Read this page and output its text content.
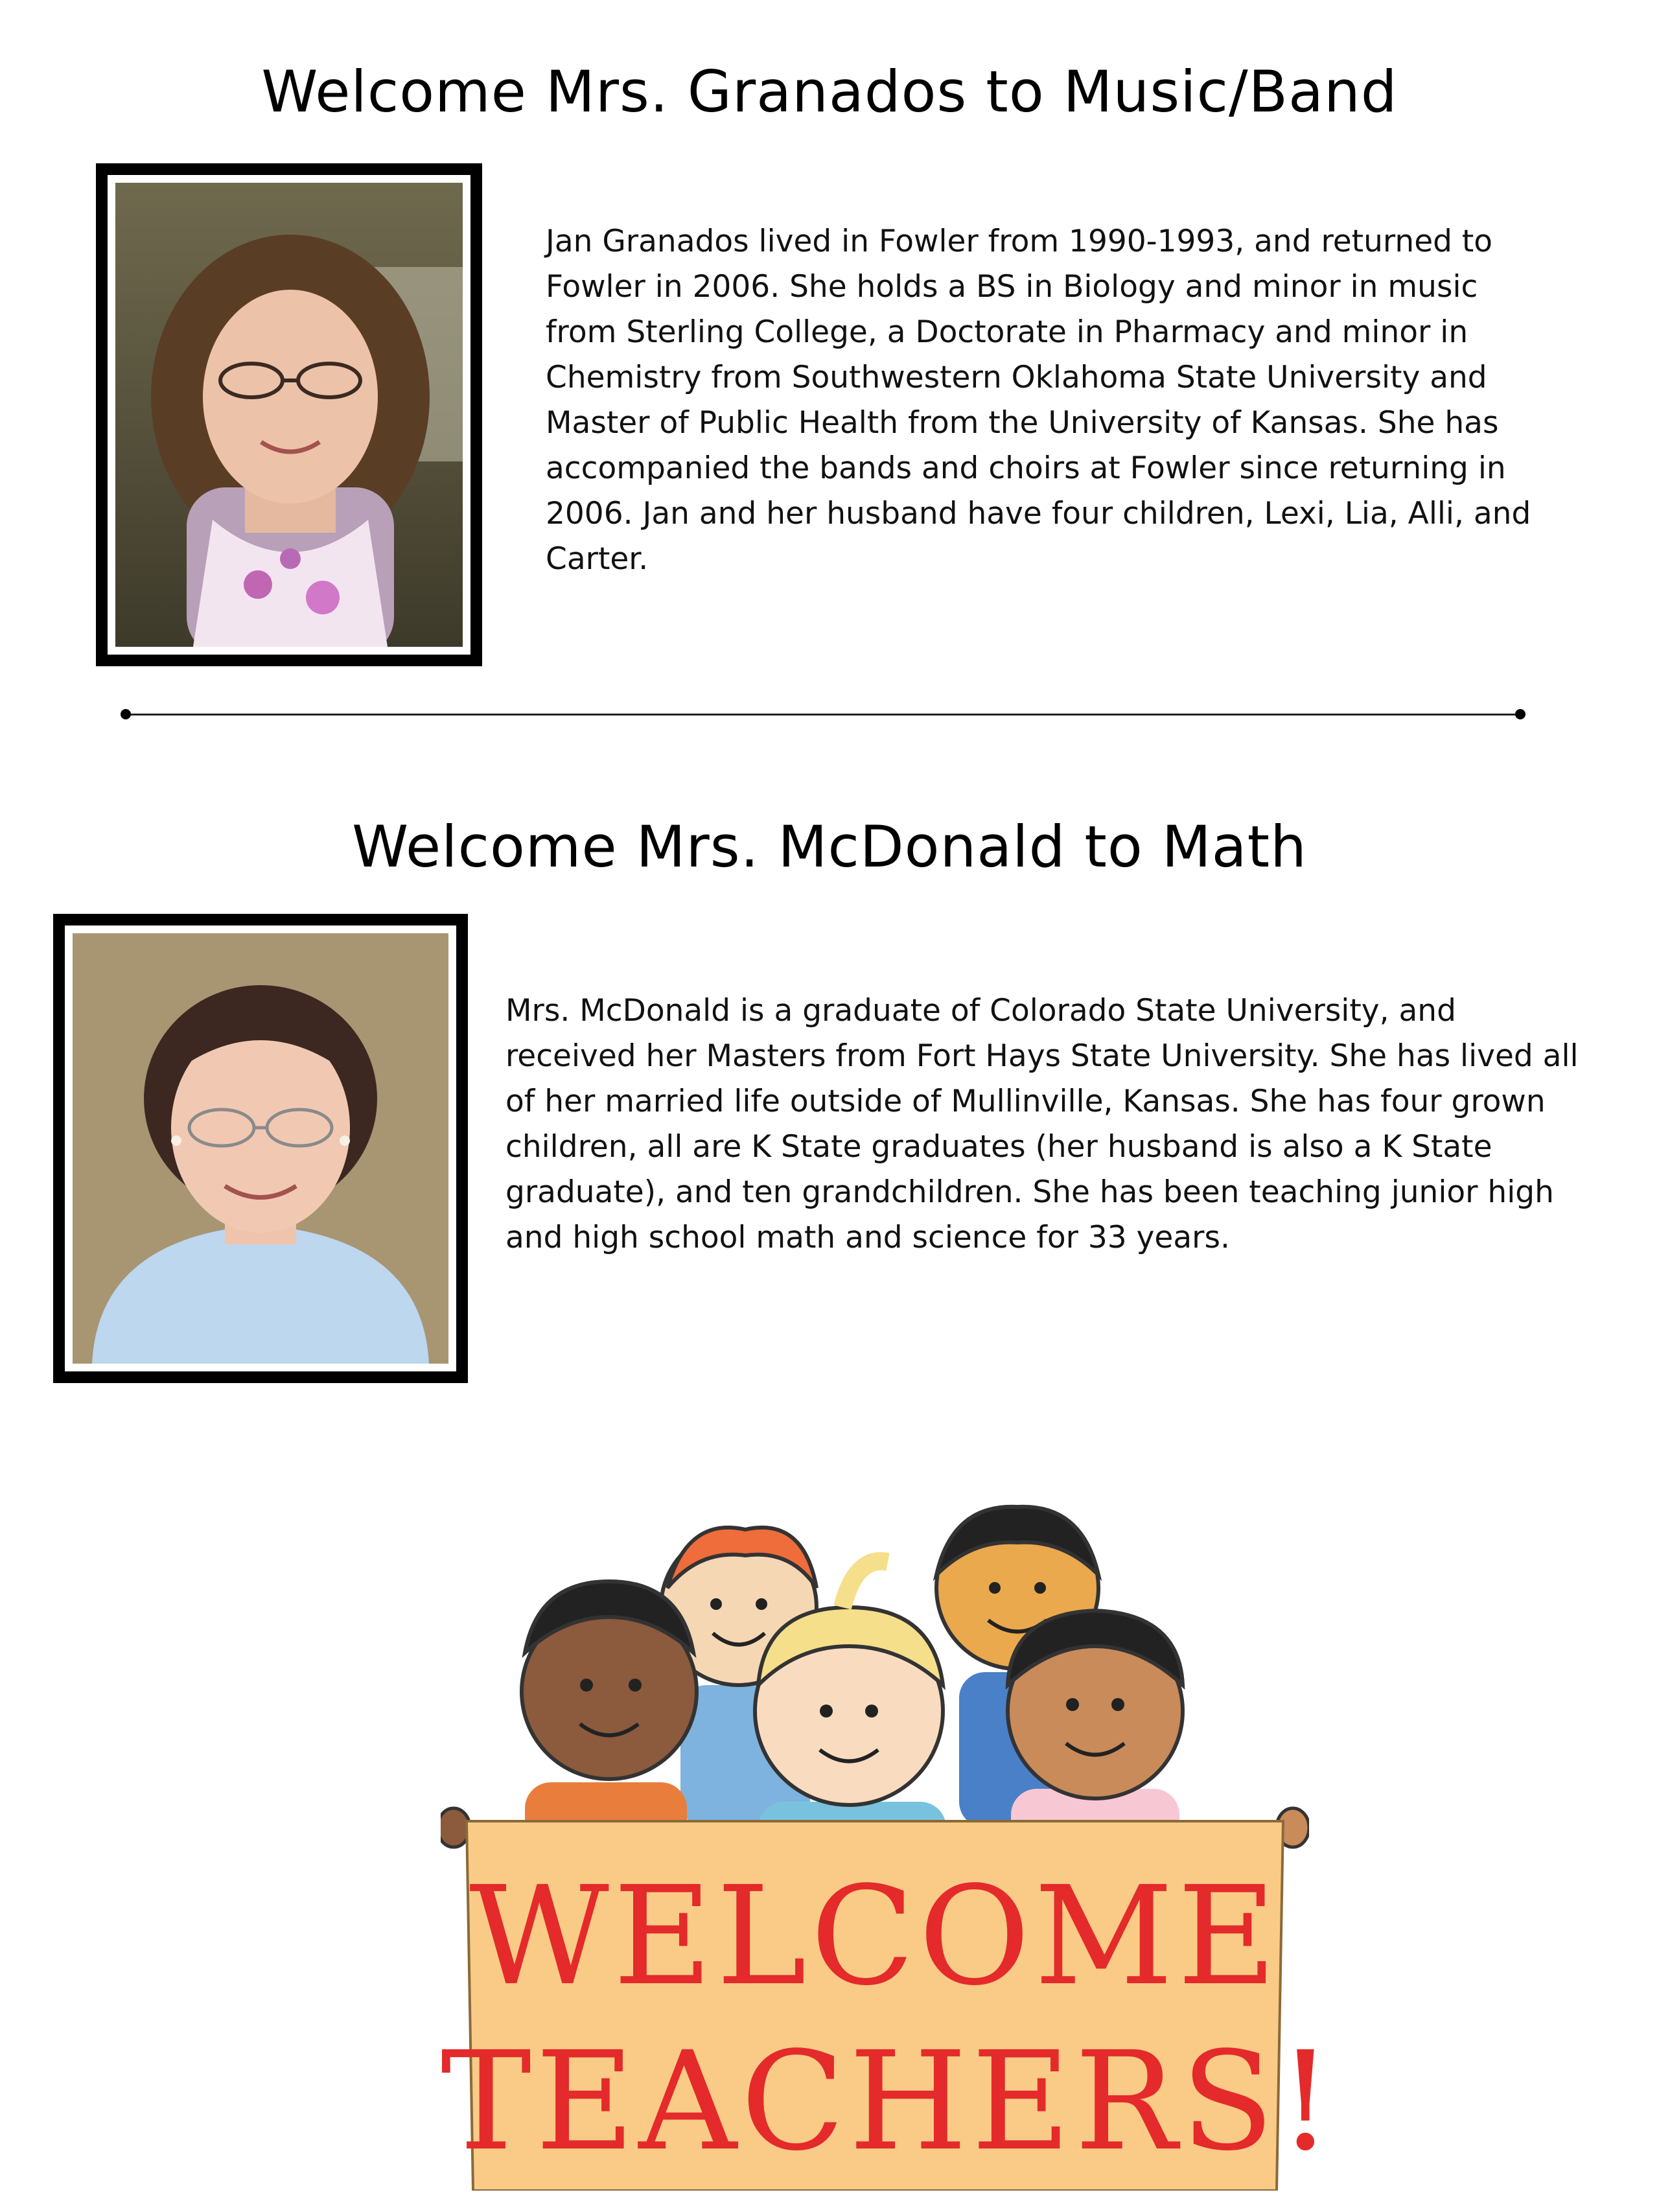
Welcome Mrs. Granados to Music/Band

Jan Granados lived in Fowler from 1990-1993, and returned to Fowler in 2006. She holds a BS in Biology and minor in music from Sterling College, a Doctorate in Pharmacy and minor in Chemistry from Southwestern Oklahoma State University and Master of Public Health from the University of Kansas. She has accompanied the bands and choirs at Fowler since returning in 2006. Jan and her husband have four children, Lexi, Lia, Alli, and Carter.

Welcome Mrs. McDonald to Math

Mrs. McDonald is a graduate of Colorado State University, and received her Masters from Fort Hays State University. She has lived all of her married life outside of Mullinville, Kansas. She has four grown children, all are K State graduates (her husband is also a K State graduate), and ten grandchildren. She has been teaching junior high and high school math and science for 33 years.

WELCOME

TEACHERS!
